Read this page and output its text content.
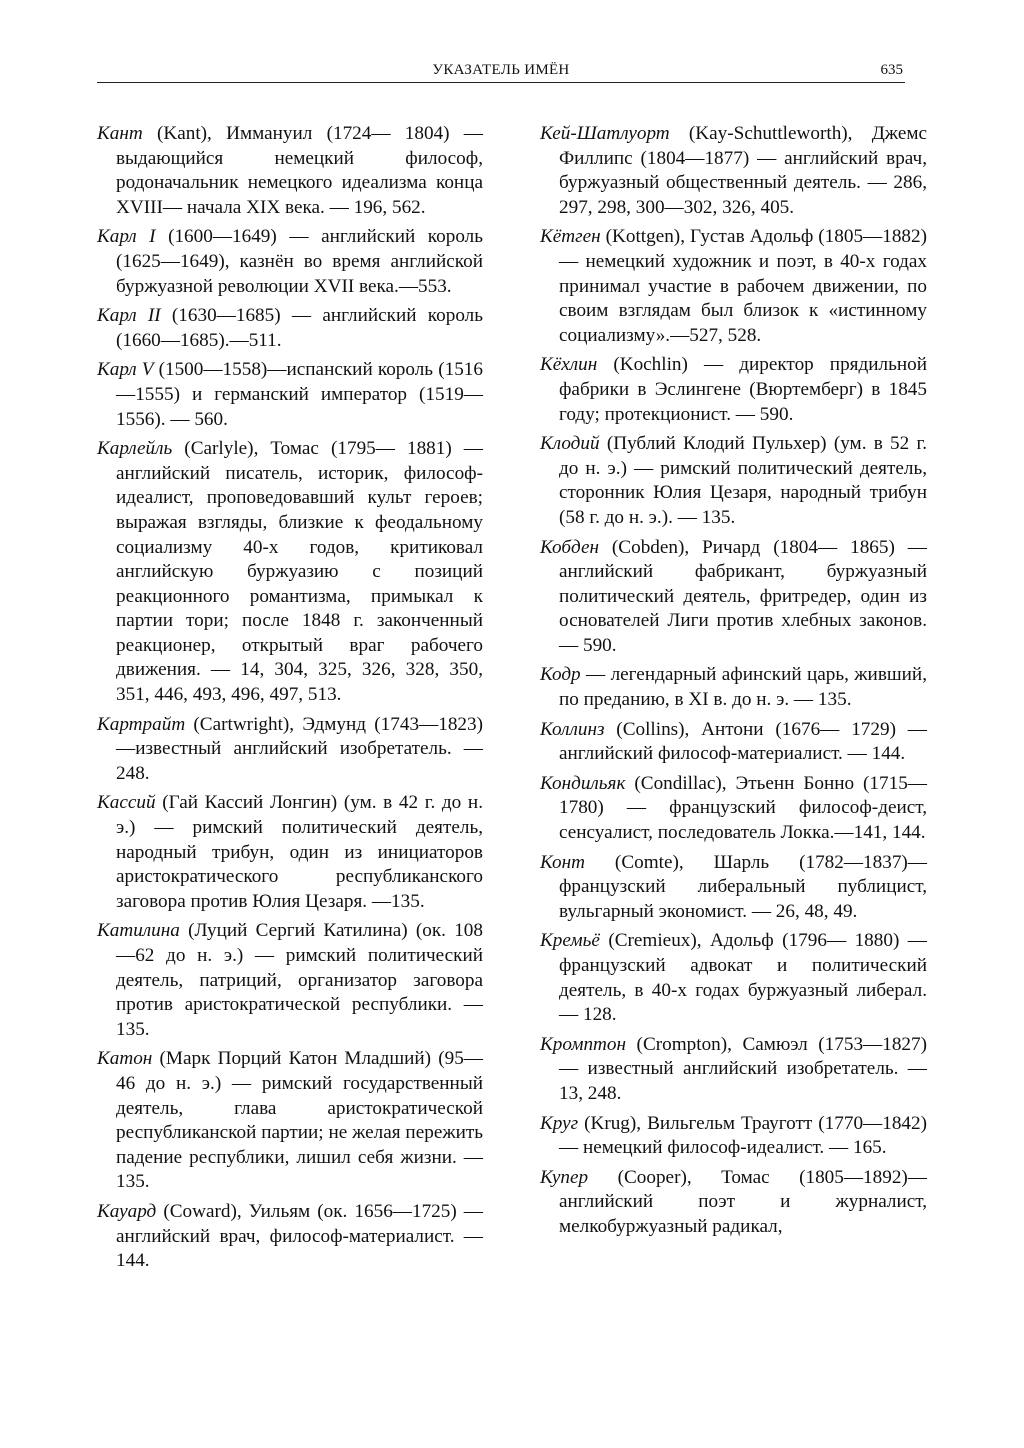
УКАЗАТЕЛЬ ИМЁН	635

Кант (Kant), Иммануил (1724— 1804) — выдающийся немецкий философ, родоначальник немецкого идеализма конца XVIII— начала XIX века. — 196, 562.

Карл I (1600—1649) — английский король (1625—1649), казнён во время английской буржуазной революции XVII века.—553.

Карл II (1630—1685) — английский король (1660—1685).—511.

Карл V (1500—1558)—испанский король (1516—1555) и германский император (1519—1556). — 560.

Карлейль (Carlyle), Томас (1795— 1881) — английский писатель, историк, философ-идеалист, проповедовавший культ героев; выражая взгляды, близкие к феодальному социализму 40-х годов, критиковал английскую буржуазию с позиций реакционного романтизма, примыкал к партии тори; после 1848 г. законченный реакционер, открытый враг рабочего движения. — 14, 304, 325, 326, 328, 350, 351, 446, 493, 496, 497, 513.

Картрайт (Cartwright), Эдмунд (1743—1823) —известный английский изобретатель. — 248.

Кассий (Гай Кассий Лонгин) (ум. в 42 г. до н. э.) — римский политический деятель, народный трибун, один из инициаторов аристократического республиканского заговора против Юлия Цезаря. —135.

Катилина (Луций Сергий Катилина) (ок. 108—62 до н. э.) — римский политический деятель, патриций, организатор заговора против аристократической республики. — 135.

Катон (Марк Порций Катон Младший) (95—46 до н. э.) — римский государственный деятель, глава аристократической республиканской партии; не желая пережить падение республики, лишил себя жизни. —135.

Кауард (Coward), Уильям (ок. 1656—1725) — английский врач, философ-материалист. —144.

Кей-Шатлуорт (Kay-Schuttleworth), Джемс Филлипс (1804—1877) — английский врач, буржуазный общественный деятель. — 286, 297, 298, 300—302, 326, 405.

Кётген (Kottgen), Густав Адольф (1805—1882) — немецкий художник и поэт, в 40-х годах принимал участие в рабочем движении, по своим взглядам был близок к «истинному социализму».—527, 528.

Кёхлин (Kochlin) — директор прядильной фабрики в Эслингене (Вюртемберг) в 1845 году; протекционист. — 590.

Клодий (Публий Клодий Пульхер) (ум. в 52 г. до н. э.) — римский политический деятель, сторонник Юлия Цезаря, народный трибун (58 г. до н. э.). — 135.

Кобден (Cobden), Ричард (1804— 1865) — английский фабрикант, буржуазный политический деятель, фритредер, один из основателей Лиги против хлебных законов. — 590.

Кодр — легендарный афинский царь, живший, по преданию, в XI в. до н. э. — 135.

Коллинз (Collins), Антони (1676— 1729) — английский философ-материалист. — 144.

Кондильяк (Condillac), Этьенн Бонно (1715—1780) — французский философ-деист, сенсуалист, последователь Локка.—141, 144.

Конт (Comte), Шарль (1782—1837)— французский либеральный публицист, вульгарный экономист. — 26, 48, 49.

Кремьё (Crеmieux), Адольф (1796— 1880) — французский адвокат и политический деятель, в 40-х годах буржуазный либерал. — 128.

Кромптон (Crompton), Самюэл (1753—1827) — известный английский изобретатель. — 13, 248.

Круг (Krug), Вильгельм Трауготт (1770—1842) — немецкий философ-идеалист. — 165.

Купер (Cooper), Томас (1805—1892)— английский поэт и журналист, мелкобуржуазный радикал,
